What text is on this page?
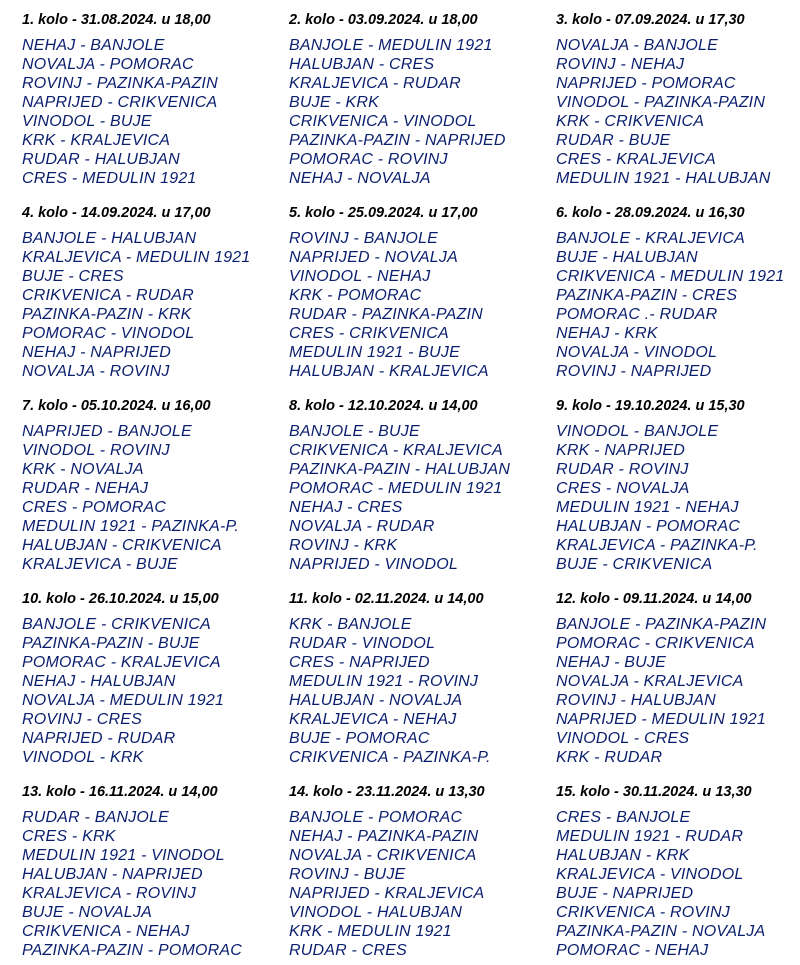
1. kolo - 31.08.2024. u 18,00
NEHAJ - BANJOLE
NOVALJA - POMORAC
ROVINJ - PAZINKA-PAZIN
NAPRIJED - CRIKVENICA
VINODOL - BUJE
KRK - KRALJEVICA
RUDAR - HALUBJAN
CRES - MEDULIN 1921
2. kolo - 03.09.2024. u 18,00
BANJOLE - MEDULIN 1921
HALUBJAN - CRES
KRALJEVICA - RUDAR
BUJE - KRK
CRIKVENICA - VINODOL
PAZINKA-PAZIN - NAPRIJED
POMORAC - ROVINJ
NEHAJ - NOVALJA
3. kolo - 07.09.2024. u 17,30
NOVALJA - BANJOLE
ROVINJ - NEHAJ
NAPRIJED - POMORAC
VINODOL - PAZINKA-PAZIN
KRK - CRIKVENICA
RUDAR - BUJE
CRES - KRALJEVICA
MEDULIN 1921 - HALUBJAN
4. kolo - 14.09.2024. u 17,00
BANJOLE - HALUBJAN
KRALJEVICA - MEDULIN 1921
BUJE - CRES
CRIKVENICA - RUDAR
PAZINKA-PAZIN - KRK
POMORAC - VINODOL
NEHAJ - NAPRIJED
NOVALJA - ROVINJ
5. kolo - 25.09.2024. u 17,00
ROVINJ - BANJOLE
NAPRIJED - NOVALJA
VINODOL - NEHAJ
KRK - POMORAC
RUDAR - PAZINKA-PAZIN
CRES - CRIKVENICA
MEDULIN 1921 - BUJE
HALUBJAN - KRALJEVICA
6. kolo - 28.09.2024. u 16,30
BANJOLE - KRALJEVICA
BUJE - HALUBJAN
CRIKVENICA - MEDULIN 1921
PAZINKA-PAZIN - CRES
POMORAC .- RUDAR
NEHAJ - KRK
NOVALJA - VINODOL
ROVINJ - NAPRIJED
7. kolo - 05.10.2024. u 16,00
NAPRIJED - BANJOLE
VINODOL - ROVINJ
KRK - NOVALJA
RUDAR - NEHAJ
CRES - POMORAC
MEDULIN 1921 - PAZINKA-P.
HALUBJAN - CRIKVENICA
KRALJEVICA - BUJE
8. kolo - 12.10.2024. u 14,00
BANJOLE - BUJE
CRIKVENICA - KRALJEVICA
PAZINKA-PAZIN - HALUBJAN
POMORAC - MEDULIN 1921
NEHAJ - CRES
NOVALJA - RUDAR
ROVINJ - KRK
NAPRIJED - VINODOL
9. kolo - 19.10.2024. u 15,30
VINODOL - BANJOLE
KRK - NAPRIJED
RUDAR - ROVINJ
CRES - NOVALJA
MEDULIN 1921 - NEHAJ
HALUBJAN - POMORAC
KRALJEVICA - PAZINKA-P.
BUJE - CRIKVENICA
10. kolo - 26.10.2024. u 15,00
BANJOLE - CRIKVENICA
PAZINKA-PAZIN - BUJE
POMORAC - KRALJEVICA
NEHAJ - HALUBJAN
NOVALJA - MEDULIN 1921
ROVINJ - CRES
NAPRIJED - RUDAR
VINODOL - KRK
11. kolo - 02.11.2024. u 14,00
KRK - BANJOLE
RUDAR - VINODOL
CRES - NAPRIJED
MEDULIN 1921 - ROVINJ
HALUBJAN - NOVALJA
KRALJEVICA - NEHAJ
BUJE - POMORAC
CRIKVENICA - PAZINKA-P.
12. kolo - 09.11.2024. u 14,00
BANJOLE - PAZINKA-PAZIN
POMORAC - CRIKVENICA
NEHAJ - BUJE
NOVALJA - KRALJEVICA
ROVINJ - HALUBJAN
NAPRIJED - MEDULIN 1921
VINODOL - CRES
KRK - RUDAR
13. kolo - 16.11.2024. u 14,00
RUDAR - BANJOLE
CRES - KRK
MEDULIN 1921 - VINODOL
HALUBJAN - NAPRIJED
KRALJEVICA - ROVINJ
BUJE - NOVALJA
CRIKVENICA - NEHAJ
PAZINKA-PAZIN - POMORAC
14. kolo - 23.11.2024. u 13,30
BANJOLE - POMORAC
NEHAJ - PAZINKA-PAZIN
NOVALJA - CRIKVENICA
ROVINJ - BUJE
NAPRIJED - KRALJEVICA
VINODOL - HALUBJAN
KRK - MEDULIN 1921
RUDAR - CRES
15. kolo - 30.11.2024. u 13,30
CRES - BANJOLE
MEDULIN 1921 - RUDAR
HALUBJAN - KRK
KRALJEVICA - VINODOL
BUJE - NAPRIJED
CRIKVENICA - ROVINJ
PAZINKA-PAZIN - NOVALJA
POMORAC - NEHAJ
